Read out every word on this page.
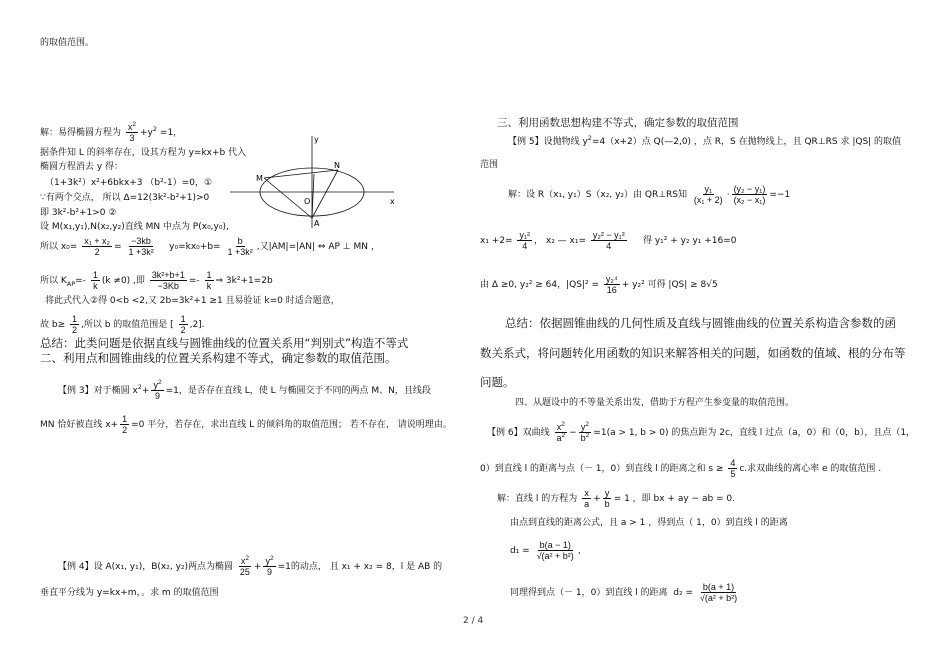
的取值范围。
解：易得椭圆方程为 $\frac{x^2}{3} +y^2 =1$，
据条件知 L 的斜率存在，设其方程为 y=kx+b 代入
椭圆方程消去 y 得：
（1+3k²）x²+6bkx+3 （b²-1）=0，①
∵有两个交点， 所以 Δ=12(3k²-b²+1)>0
即 3k²-b²+1>0 ②
设 M(x₁,y₁),N(x₂,y₂)直线 MN 中点为 P(x₀,y₀),
所以 $x_0= \frac{\text{x₁ + x₂}}{2} = \frac{-3kb}{\text{1 +3k²}} y_0=kx_0+b= \frac{b}{\text{1 +3k²}}$ ,又|AM|=|AN| ⇔ AP ⊥ MN ，
所以 $K_{AP}=- \frac{1}{k} (k \ne 0)$ ,即 $\frac{\text{3k²+b+1}}{-3Kb} =- \frac{1}{k}$ ⇒ 3k²+1=2b
将此式代入②得 0<b <2,又 2b=3k²+1 ≥1 且易验证 k=0 时适合题意，
故 $b\ge \frac{1}{2}$ ,所以 b 的取值范围是 [ $\frac{1}{2} ,2$].
总结：此类问题是依据直线与圆锥曲线的位置关系用“判别式”构造不等式
二、利用点和圆锥曲线的位置关系构建不等式，确定参数的取值范围。
【例 3】对于椭圆 $x^2+ \frac{y^2}{9} =1$，是否存在直线 L，使 L 与椭圆交于不同的两点 M、N，且线段
MN 恰好被直线 $x+ \frac{1}{2} =0$ 平分，若存在，求出直线 L 的倾斜角的取值范围； 若不存在， 请说明理由。
【例 4】设 A(x₁, y₁)，B(x₂, y₂)两点为椭圆 $\frac{x^2}{25} + \frac{y^2}{9} =1$的动点， 且 x₁ + x₂ = 8，l 是 AB 的
垂直平分线为 y=kx+m，。求 m 的取值范围
y
x
M
N
O
A
三、利用函数思想构建不等式，确定参数的取值范围
【例 5】设抛物线 $y^2=4(x+2)$点 Q(—2,0) ，点 R，S 在抛物线上，且 QR⊥RS 求 |QS| 的取值
范围
解：设 R（x₁, y₁）S（x₂, y₂）由 QR⊥RS知 $\frac{\text{y₁}}{\text{(x₁ + 2)}} \cdot \frac{\text{(y₂ − y₁)}}{\text{(x₂ − x₁)}} =-1$
$x_1 +2= \frac{\text{y₁²}}{4}$ ， x₂ — $x_1= \frac{\text{y₂² − y₁²}}{4}$ 得 y₁² + y₂ y₁ +16=0
由 Δ ≥0, y₂² ≥ 64，$|QS|^2 = \frac{\text{y₂⁴}}{16} + y_2^2$ 可得 |QS| ≥ 8√5
总结：依据圆锥曲线的几何性质及直线与圆锥曲线的位置关系构造含参数的函
数关系式，将问题转化用函数的知识来解答相关的问题，如函数的值域、根的分布等
问题。
四、从题设中的不等量关系出发，借助于方程产生参变量的取值范围。
【例 6】双曲线 $\frac{x^2}{a^2} - \frac{y^2}{b^2} =1(a > 1$, b > 0) 的焦点距为 2c，直线 l 过点（a，0）和（0，b），且点（1，
0）到直线 l 的距离与点（－ 1，0）到直线 l 的距离之和 $s \ge \frac{4}{5} c$.求双曲线的离心率 e 的取值范围 .
解：直线 l 的方程为 $\frac{x}{a} + \frac{y}{b} = 1$ ，即 bx + ay − ab = 0.
由点到直线的距离公式，且 a > 1 ，得到点（ 1，0）到直线 l 的距离
$d_1 = \frac{b(a - 1)}{\text{√(a² + b²)}}$ ，
同理得到点（－ 1，0）到直线 l 的距离 $d_2 = \frac{b(a + 1)}{\text{√(a² + b²)}}$
2 / 4
